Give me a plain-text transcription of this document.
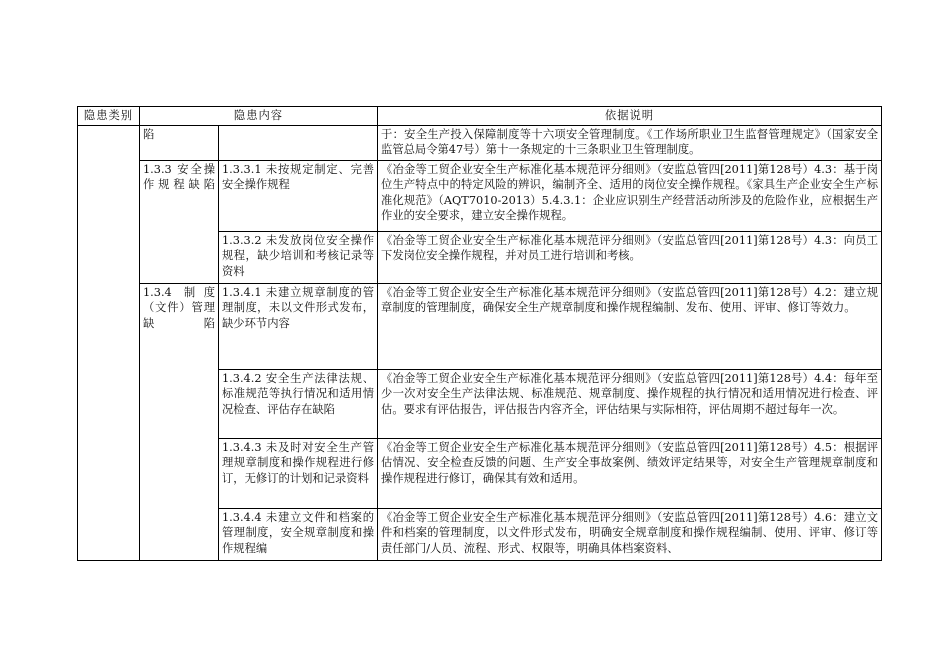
隐患类别	隐患内容		依据说明
	陷		于：安全生产投入保障制度等十六项安全管理制度。《工作场所职业卫生监督管理规定》（国家安全监管总局令第47号）第十一条规定的十三条职业卫生管理制度。
	1.3.3 安全操作规程缺陷	1.3.3.1 未按规定制定、完善安全操作规程	《冶金等工贸企业安全生产标准化基本规范评分细则》（安监总管四[2011]第128号）4.3：基于岗位生产特点中的特定风险的辨识，编制齐全、适用的岗位安全操作规程。《家具生产企业安全生产标准化规范》（AQT7010-2013）5.4.3.1：企业应识别生产经营活动所涉及的危险作业，应根据生产作业的安全要求，建立安全操作规程。
		1.3.3.2 未发放岗位安全操作规程，缺少培训和考核记录等资料	《冶金等工贸企业安全生产标准化基本规范评分细则》（安监总管四[2011]第128号）4.3：向员工下发岗位安全操作规程，并对员工进行培训和考核。
	1.3.4 制度（文件）管理缺陷	1.3.4.1 未建立规章制度的管理制度，未以文件形式发布，缺少环节内容	《冶金等工贸企业安全生产标准化基本规范评分细则》（安监总管四[2011]第128号）4.2：建立规章制度的管理制度，确保安全生产规章制度和操作规程编制、发布、使用、评审、修订等效力。
		1.3.4.2 安全生产法律法规、标准规范等执行情况和适用情况检查、评估存在缺陷	《冶金等工贸企业安全生产标准化基本规范评分细则》（安监总管四[2011]第128号）4.4：每年至少一次对安全生产法律法规、标准规范、规章制度、操作规程的执行情况和适用情况进行检查、评估。要求有评估报告，评估报告内容齐全，评估结果与实际相符，评估周期不超过每年一次。
		1.3.4.3 未及时对安全生产管理规章制度和操作规程进行修订，无修订的计划和记录资料	《冶金等工贸企业安全生产标准化基本规范评分细则》（安监总管四[2011]第128号）4.5：根据评估情况、安全检查反馈的问题、生产安全事故案例、绩效评定结果等，对安全生产管理规章制度和操作规程进行修订，确保其有效和适用。
		1.3.4.4 未建立文件和档案的管理制度，安全规章制度和操作规程编	《冶金等工贸企业安全生产标准化基本规范评分细则》（安监总管四[2011]第128号）4.6：建立文件和档案的管理制度，以文件形式发布，明确安全规章制度和操作规程编制、使用、评审、修订等责任部门/人员、流程、形式、权限等，明确具体档案资料、
